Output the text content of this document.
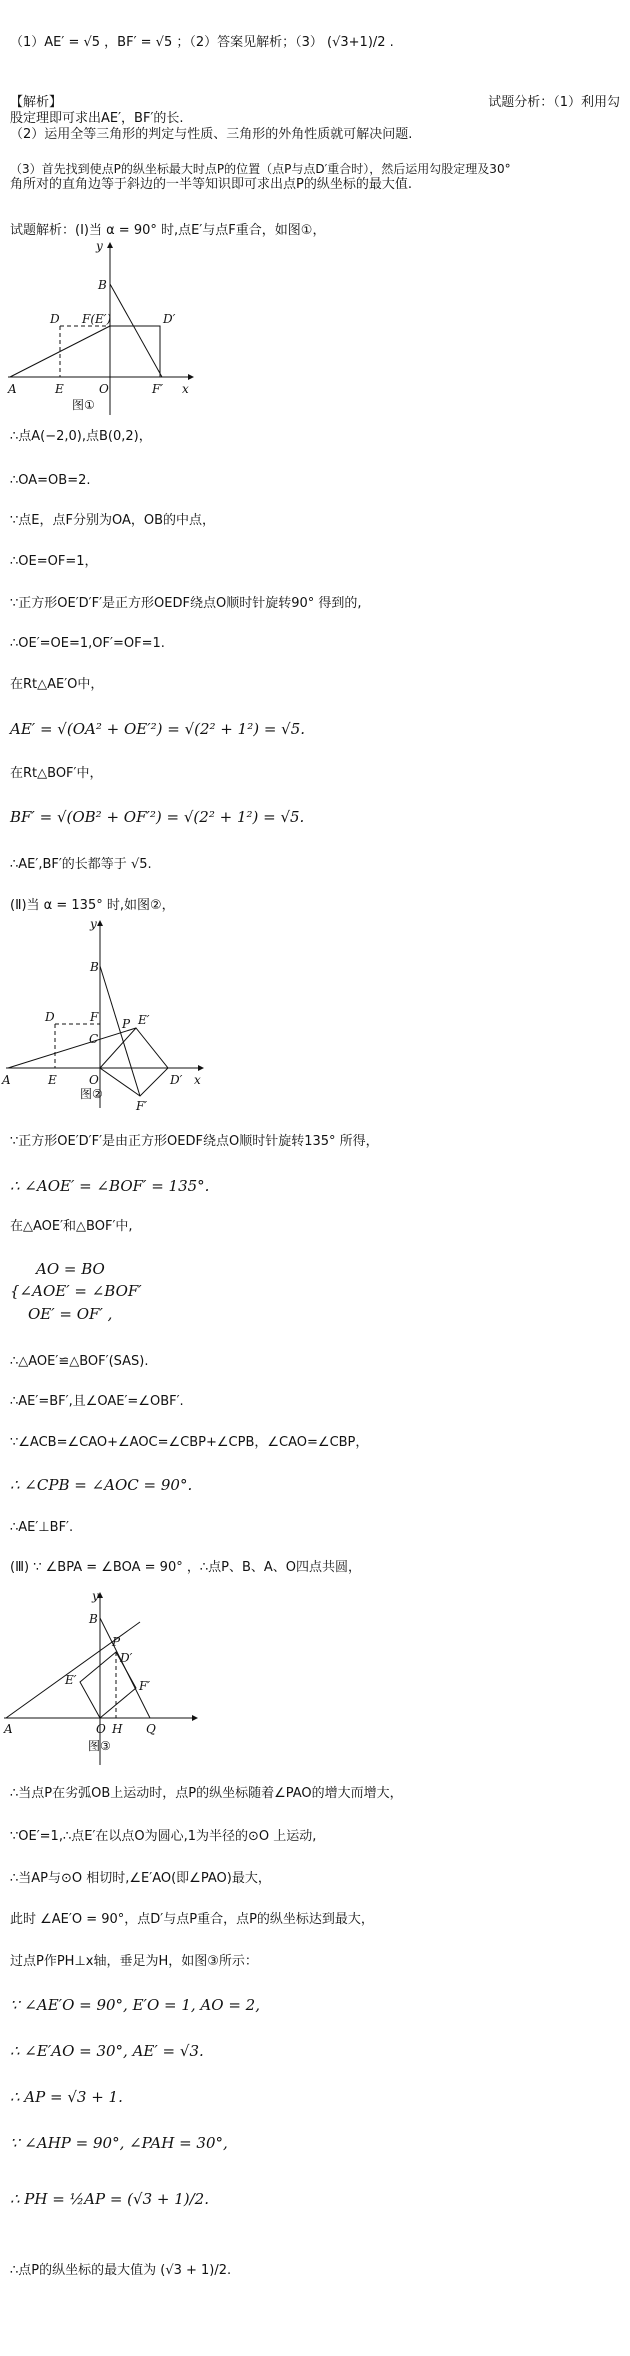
（1）AE′ = √5 ，BF′ = √5 ；（2）答案见解析；（3） (√3+1)/2 .
【解析】	试题分析：（1）利用勾
股定理即可求出AE′，BF′的长.
（2）运用全等三角形的判定与性质、三角形的外角性质就可解决问题.
（3）首先找到使点P的纵坐标最大时点P的位置（点P与点D′重合时），然后运用勾股定理及30°
角所对的直角边等于斜边的一半等知识即可求出点P的纵坐标的最大值.
试题解析：(Ⅰ)当 α = 90° 时,点E′与点F重合，如图①，
y
B
D F(E′)	D′
A	E	O	F′ x
图①
∴点A(−2,0),点B(0,2)，
∴OA=OB=2.
∵点E，点F分别为OA，OB的中点，
∴OE=OF=1，
∵正方形OE′D′F′是正方形OEDF绕点O顺时针旋转90° 得到的,
∴OE′=OE=1,OF′=OF=1.
在Rt△AE′O中，
AE′ = √(OA² + OE′²) = √(2² + 1²) = √5.
在Rt△BOF′中，
BF′ = √(OB² + OF′²) = √(2² + 1²) = √5.
∴AE′,BF′的长都等于 √5.
(Ⅱ)当 α = 135° 时,如图②，
y
B
D	F
C
P E′
A	E	O	D′ x
F′
图②
∵正方形OE′D′F′是由正方形OEDF绕点O顺时针旋转135° 所得，
∴ ∠AOE′ = ∠BOF′ = 135°.
在△AOE′和△BOF′中,
AO = BO
{∠AOE′ = ∠BOF′
OE′ = OF′ ,
∴△AOE′≌△BOF′(SAS).
∴AE′=BF′,且∠OAE′=∠OBF′.
∵∠ACB=∠CAO+∠AOC=∠CBP+∠CPB，∠CAO=∠CBP，
∴ ∠CPB = ∠AOC = 90°.
∴AE′⊥BF′.
(Ⅲ) ∵ ∠BPA = ∠BOA = 90° ，∴点P、B、A、O四点共圆，
y
B
P
D′
E′	F′
A	O H Q
图③
∴当点P在劣弧OB上运动时，点P的纵坐标随着∠PAO的增大而增大，
∵OE′=1,∴点E′在以点O为圆心,1为半径的⊙O 上运动,
∴当AP与⊙O 相切时,∠E′AO(即∠PAO)最大，
此时 ∠AE′O = 90°，点D′与点P重合，点P的纵坐标达到最大，
过点P作PH⊥x轴，垂足为H，如图③所示：
∵ ∠AE′O = 90°, E′O = 1, AO = 2,
∴ ∠E′AO = 30°, AE′ = √3.
∴ AP = √3 + 1.
∵ ∠AHP = 90°, ∠PAH = 30°,
∴ PH = ½AP = (√3 + 1)/2.
∴点P的纵坐标的最大值为 (√3 + 1)/2.
